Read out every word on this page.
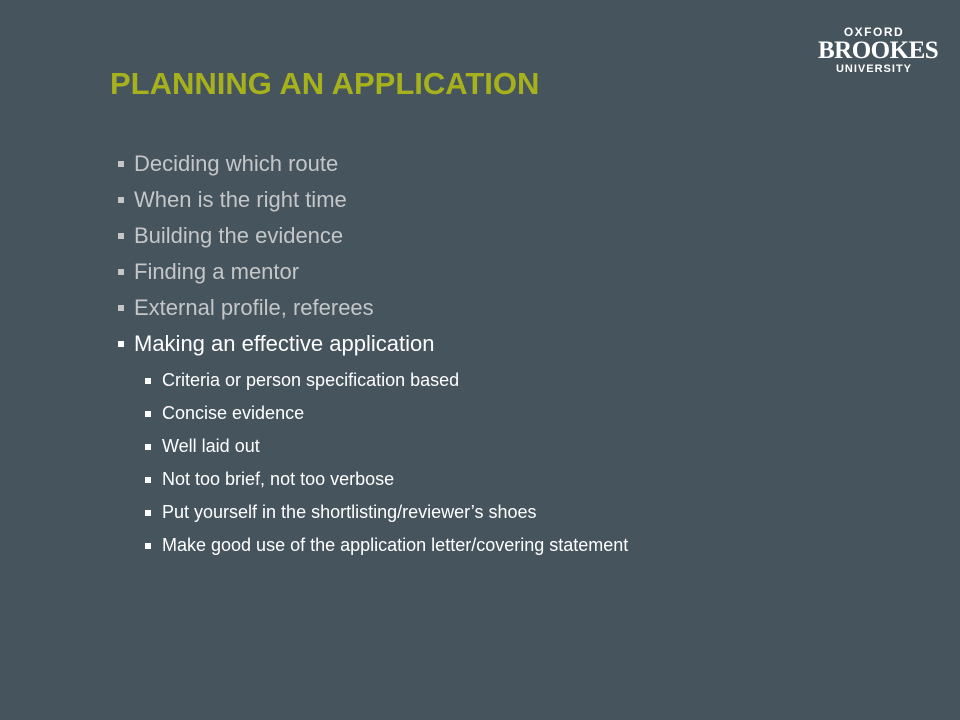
OXFORD
BROOKES
UNIVERSITY
PLANNING AN APPLICATION
Deciding which route
When is the right time
Building the evidence
Finding a mentor
External profile, referees
Making an effective application
Criteria or person specification based
Concise evidence
Well laid out
Not too brief, not too verbose
Put yourself in the shortlisting/reviewer’s shoes
Make good use of the application letter/covering statement
